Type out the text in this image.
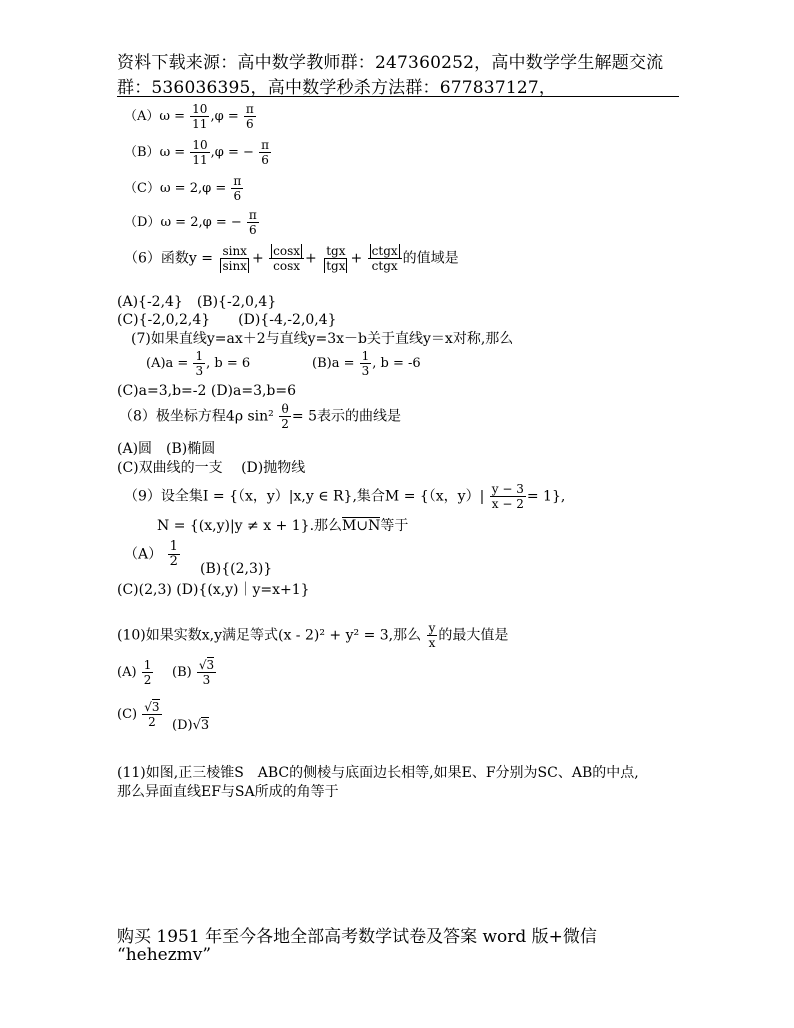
资料下载来源：高中数学教师群：247360252，高中数学学生解题交流
群：536036395，高中数学秒杀方法群：677837127，
$(A)\omega = \frac{10}{11} ,\varphi = \frac{\pi}{6}$
$(B)\omega = \frac{10}{11} ,\varphi$ = − $\frac{\pi}{6}$
$(C)\omega = 2,\varphi = \frac{\pi}{6}$
（D）ω = 2,φ = − $\frac{\pi}{6}$
（6）函数$y = \frac{\sin x}{\sin x} + \frac{\cos x}{\cos x} + \frac{\text{tgx}}{\text{tgx}} + \frac{\text{ctgx}}{\text{ctgx}}$ 的值域是
(A){-2,4}　(B){-2,0,4}
(C){-2,0,2,4}　　(D){-4,-2,0,4}
(7)如果直线y=ax＋2与直线y=3x－b关于直线y＝x对称,那么
$(A)a = \frac{1}{3}$ , b = 6	$(B)a = \frac{1}{3}$ , b = -6
(C)a=3,b=-2 (D)a=3,b=6
（8）极坐标方程4ρ $\sin^2 \frac{\theta}{2} = 5$表示的曲线是
(A)圆　(B)椭圆
(C)双曲线的一支　 (D)抛物线
（9）设全集I = {（x，y）|x,y ∈ R},集合M = {（x，$y)| \frac{y - 3}{x - 2} = 1$},
N = {(x,y)|y ≠ x + 1}.那么M∪N等于
$(A) \frac{1}{2} (B)\{(2,3)\}$
(C)(2,3) (D){(x,y)｜y=x+1}
(10)如果实数x,y满足等式(x - 2)² + y² = 3,那么 $\frac{y}{x}$ 的最大值是
$(A) \frac{1}{2} (B) \frac{√3}{3}$
$(C) \frac{√3}{2} (D)√3$
(11)如图,正三棱锥S　ABC的侧棱与底面边长相等,如果E、F分别为SC、AB的中点,
那么异面直线EF与SA所成的角等于
购买 1951 年至今各地全部高考数学试卷及答案 word 版+微信
“hehezmv”
